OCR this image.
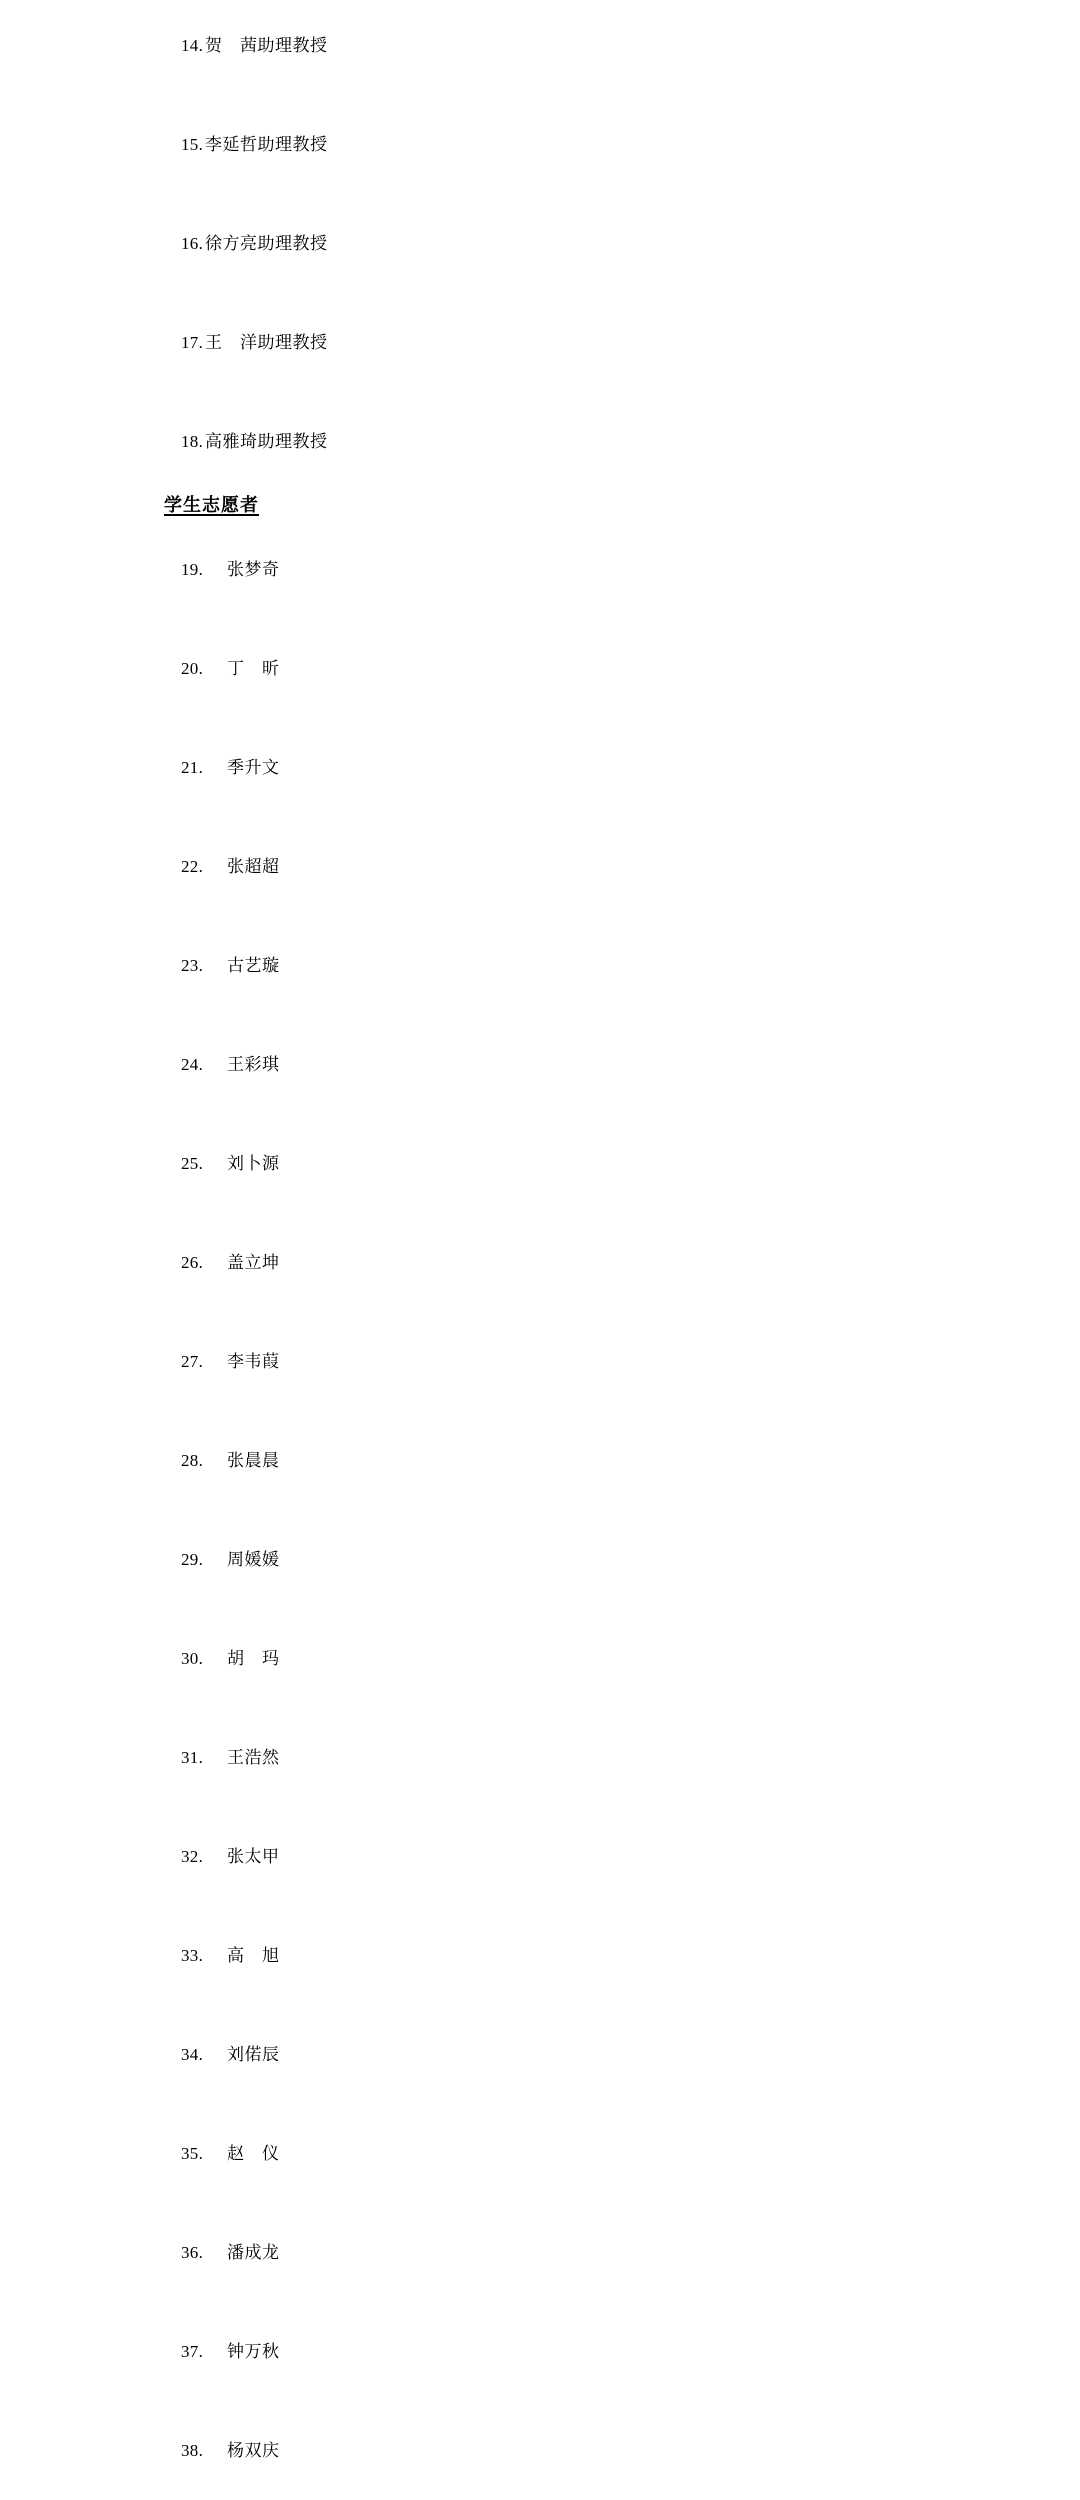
14. 贺　茜助理教授

15. 李延哲助理教授

16. 徐方亮助理教授

17. 王　洋助理教授

18. 高雅琦助理教授

学生志愿者

19. 张梦奇

20. 丁　昕

21. 季升文

22. 张超超

23. 古艺璇

24. 王彩琪

25. 刘卜源

26. 盖立坤

27. 李韦葭

28. 张晨晨

29. 周媛媛

30. 胡　玛

31. 王浩然

32. 张太甲

33. 高　旭

34. 刘偌辰

35. 赵　仪

36. 潘成龙

37. 钟万秋

38. 杨双庆
